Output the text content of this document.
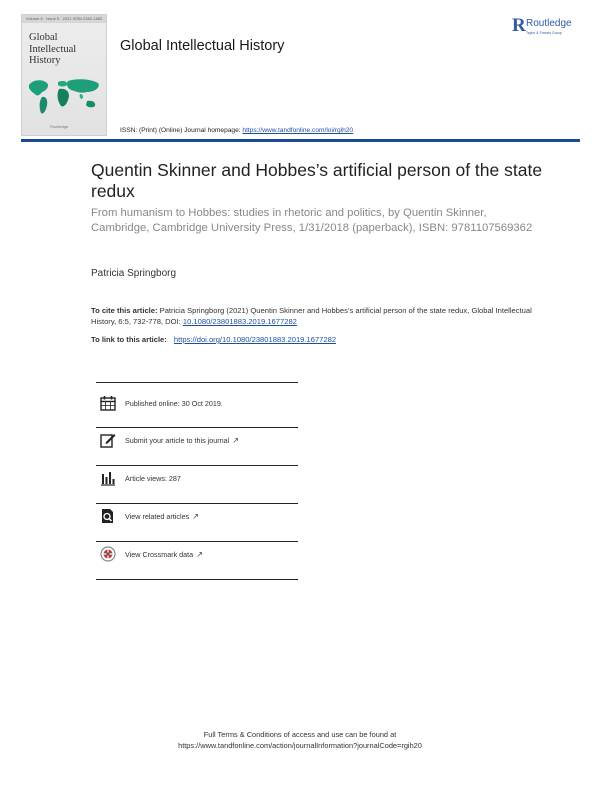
Volume 6 · Issue 5 · 2021 ISSN 2380-1883
Global
Intellectual
History
Routledge
Global Intellectual History
R Routledge
Taylor & Francis Group
ISSN: (Print) (Online) Journal homepage: https://www.tandfonline.com/loi/rgih20
Quentin Skinner and Hobbes’s artificial person of the state redux
From humanism to Hobbes: studies in rhetoric and politics, by Quentin Skinner, Cambridge, Cambridge University Press, 1/31/2018 (paperback), ISBN: 9781107569362
Patricia Springborg
To cite this article: Patricia Springborg (2021) Quentin Skinner and Hobbes’s artificial person of the state redux, Global Intellectual History, 6:5, 732-778, DOI: 10.1080/23801883.2019.1677282
To link to this article: https://doi.org/10.1080/23801883.2019.1677282
Published online: 30 Oct 2019.
Submit your article to this journal ↗
Article views: 287
View related articles ↗
View Crossmark data ↗
Full Terms & Conditions of access and use can be found at
https://www.tandfonline.com/action/journalInformation?journalCode=rgih20
